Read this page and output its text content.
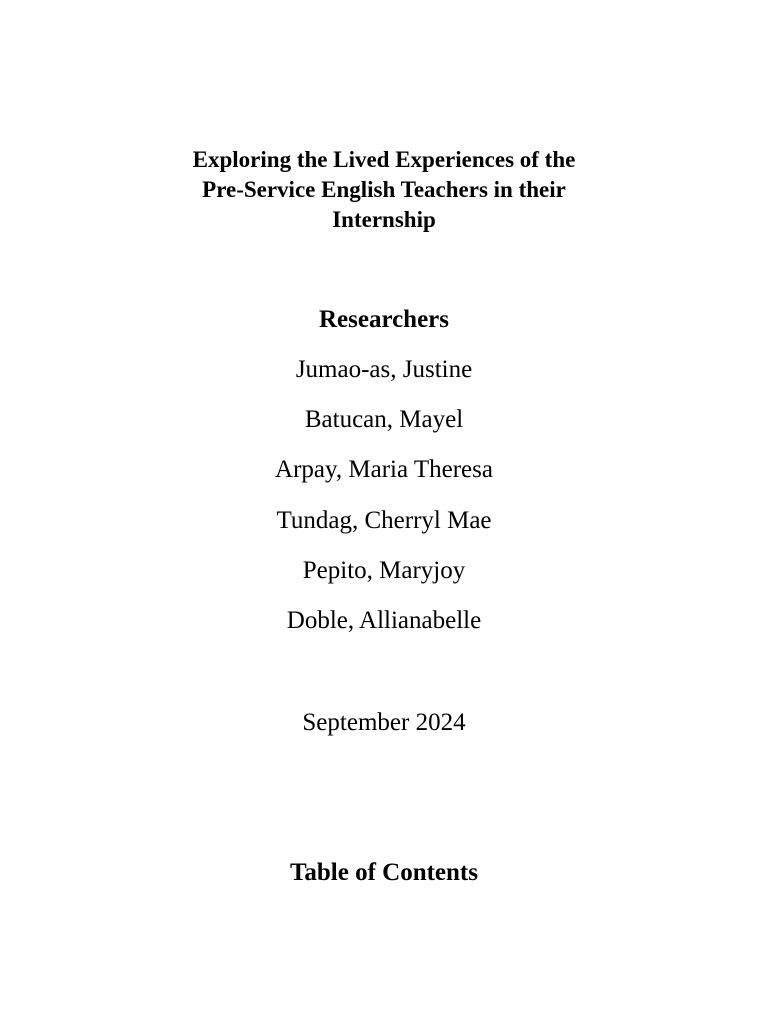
Exploring the Lived Experiences of the
Pre-Service English Teachers in their
Internship
Researchers
Jumao-as, Justine
Batucan, Mayel
Arpay, Maria Theresa
Tundag, Cherryl Mae
Pepito, Maryjoy
Doble, Allianabelle
September 2024
Table of Contents
